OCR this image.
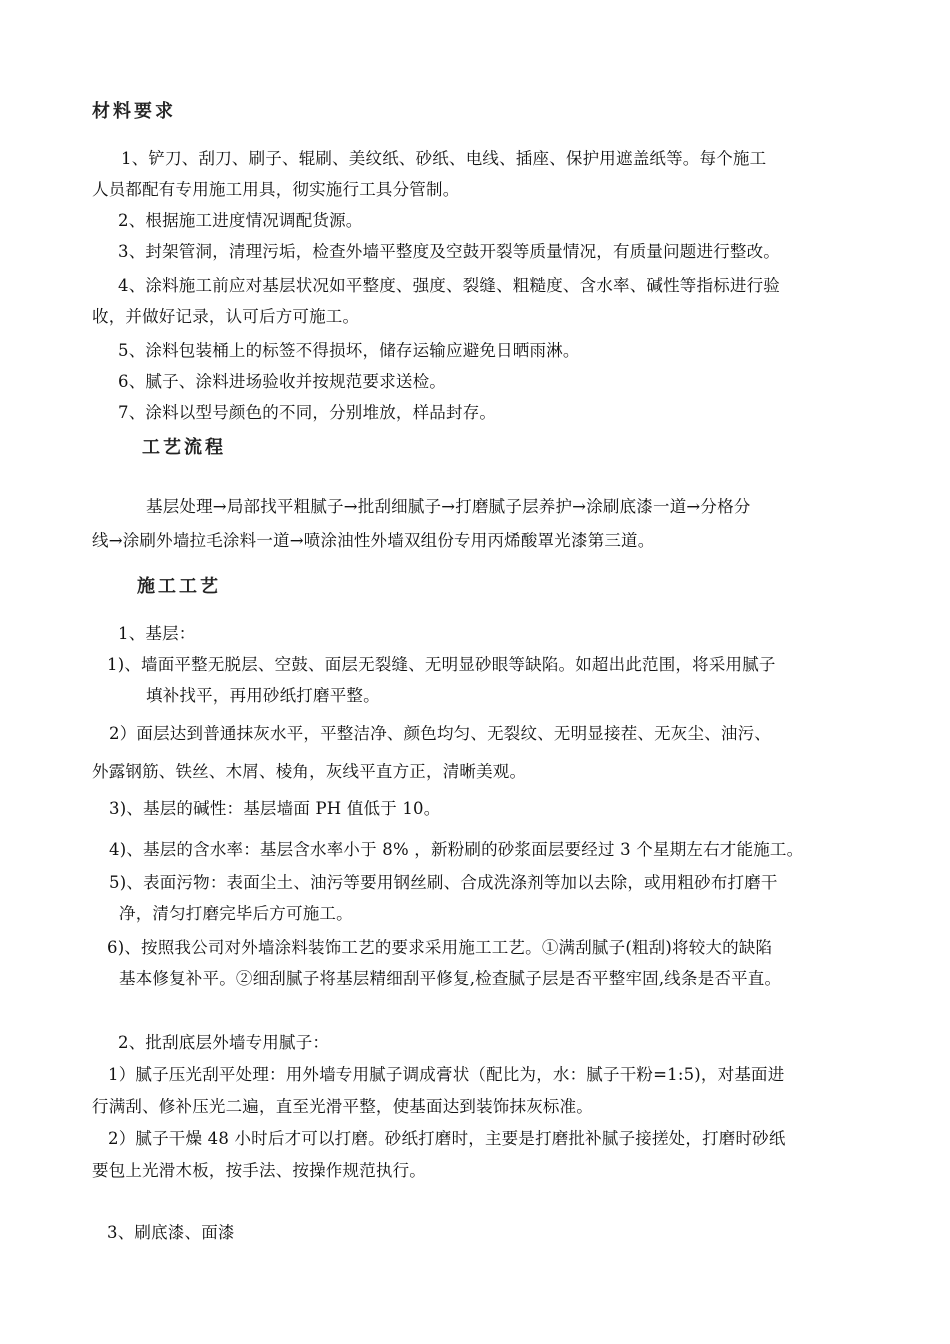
材料要求

1、铲刀、刮刀、刷子、辊刷、美纹纸、砂纸、电线、插座、保护用遮盖纸等。每个施工

人员都配有专用施工用具，彻实施行工具分管制。

2、根据施工进度情况调配货源。

3、封架管洞，清理污垢，检查外墙平整度及空鼓开裂等质量情况，有质量问题进行整改。

4、涂料施工前应对基层状况如平整度、强度、裂缝、粗糙度、含水率、碱性等指标进行验

收，并做好记录，认可后方可施工。

5、涂料包装桶上的标签不得损坏，储存运输应避免日晒雨淋。

6、腻子、涂料进场验收并按规范要求送检。

7、涂料以型号颜色的不同，分别堆放，样品封存。

工艺流程

基层处理→局部找平粗腻子→批刮细腻子→打磨腻子层养护→涂刷底漆一道→分格分

线→涂刷外墙拉毛涂料一道→喷涂油性外墙双组份专用丙烯酸罩光漆第三道。

施工工艺

1、基层：

1)、墙面平整无脱层、空鼓、面层无裂缝、无明显砂眼等缺陷。如超出此范围，将采用腻子

填补找平，再用砂纸打磨平整。

2）面层达到普通抹灰水平，平整洁净、颜色均匀、无裂纹、无明显接茬、无灰尘、油污、

外露钢筋、铁丝、木屑、棱角，灰线平直方正，清晰美观。

3)、基层的碱性：基层墙面 PH 值低于 10。

4)、基层的含水率：基层含水率小于 8% ，新粉刷的砂浆面层要经过 3 个星期左右才能施工。

5)、表面污物：表面尘土、油污等要用钢丝刷、合成洗涤剂等加以去除，或用粗砂布打磨干

净，清匀打磨完毕后方可施工。

6)、按照我公司对外墙涂料装饰工艺的要求采用施工工艺。①满刮腻子(粗刮)将较大的缺陷

基本修复补平。②细刮腻子将基层精细刮平修复,检查腻子层是否平整牢固,线条是否平直。

2、批刮底层外墙专用腻子：

1）腻子压光刮平处理：用外墙专用腻子调成膏状（配比为，水：腻子干粉=1:5)，对基面进

行满刮、修补压光二遍，直至光滑平整，使基面达到装饰抹灰标准。

2）腻子干燥 48 小时后才可以打磨。砂纸打磨时，主要是打磨批补腻子接搓处，打磨时砂纸

要包上光滑木板，按手法、按操作规范执行。

3、刷底漆、面漆
